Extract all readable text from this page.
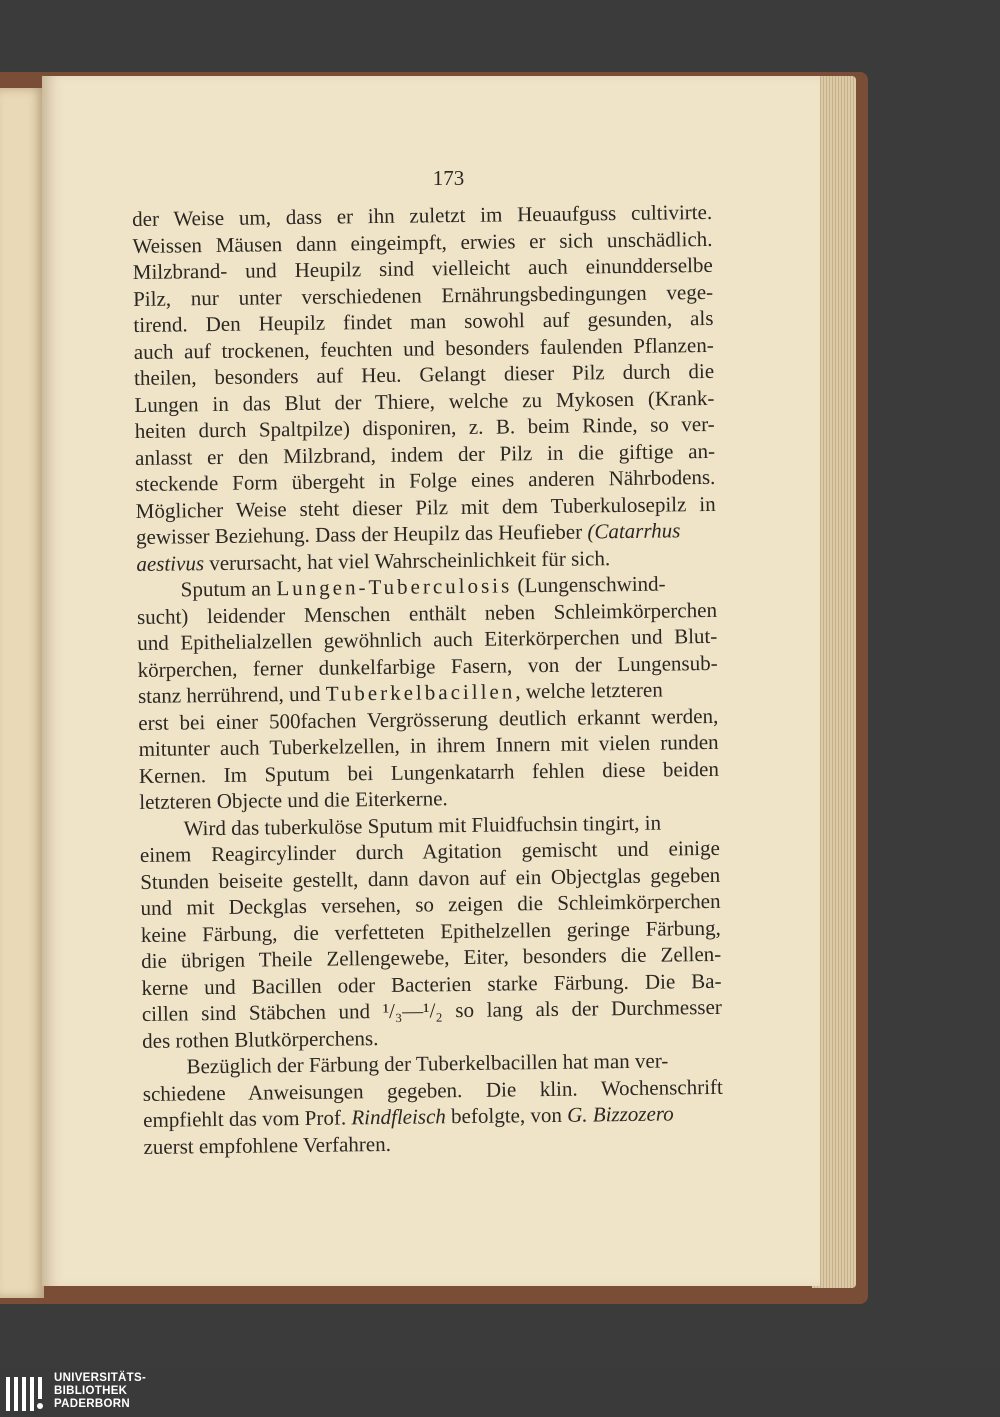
173
der Weise um, dass er ihn zuletzt im Heuaufguss cultivirte.
Weissen Mäusen dann eingeimpft, erwies er sich unschädlich.
Milzbrand- und Heupilz sind vielleicht auch einundderselbe
Pilz, nur unter verschiedenen Ernährungsbedingungen vege-
tirend. Den Heupilz findet man sowohl auf gesunden, als
auch auf trockenen, feuchten und besonders faulenden Pflanzen-
theilen, besonders auf Heu. Gelangt dieser Pilz durch die
Lungen in das Blut der Thiere, welche zu Mykosen (Krank-
heiten durch Spaltpilze) disponiren, z. B. beim Rinde, so ver-
anlasst er den Milzbrand, indem der Pilz in die giftige an-
steckende Form übergeht in Folge eines anderen Nährbodens.
Möglicher Weise steht dieser Pilz mit dem Tuberkulosepilz in
gewisser Beziehung. Dass der Heupilz das Heufieber (Catarrhus
aestivus verursacht, hat viel Wahrscheinlichkeit für sich.
Sputum an Lungen-Tuberculosis (Lungenschwind-
sucht) leidender Menschen enthält neben Schleimkörperchen
und Epithelialzellen gewöhnlich auch Eiterkörperchen und Blut-
körperchen, ferner dunkelfarbige Fasern, von der Lungensub-
stanz herrührend, und Tuberkelbacillen, welche letzteren
erst bei einer 500fachen Vergrösserung deutlich erkannt werden,
mitunter auch Tuberkelzellen, in ihrem Innern mit vielen runden
Kernen. Im Sputum bei Lungenkatarrh fehlen diese beiden
letzteren Objecte und die Eiterkerne.
Wird das tuberkulöse Sputum mit Fluidfuchsin tingirt, in
einem Reagircylinder durch Agitation gemischt und einige
Stunden beiseite gestellt, dann davon auf ein Objectglas gegeben
und mit Deckglas versehen, so zeigen die Schleimkörperchen
keine Färbung, die verfetteten Epithelzellen geringe Färbung,
die übrigen Theile Zellengewebe, Eiter, besonders die Zellen-
kerne und Bacillen oder Bacterien starke Färbung. Die Ba-
cillen sind Stäbchen und ¹/₃—¹/₂ so lang als der Durchmesser
des rothen Blutkörperchens.
Bezüglich der Färbung der Tuberkelbacillen hat man ver-
schiedene Anweisungen gegeben. Die klin. Wochenschrift
empfiehlt das vom Prof. Rindfleisch befolgte, von G. Bizzozero
zuerst empfohlene Verfahren.
UNIVERSITÄTS-
BIBLIOTHEK
PADERBORN
